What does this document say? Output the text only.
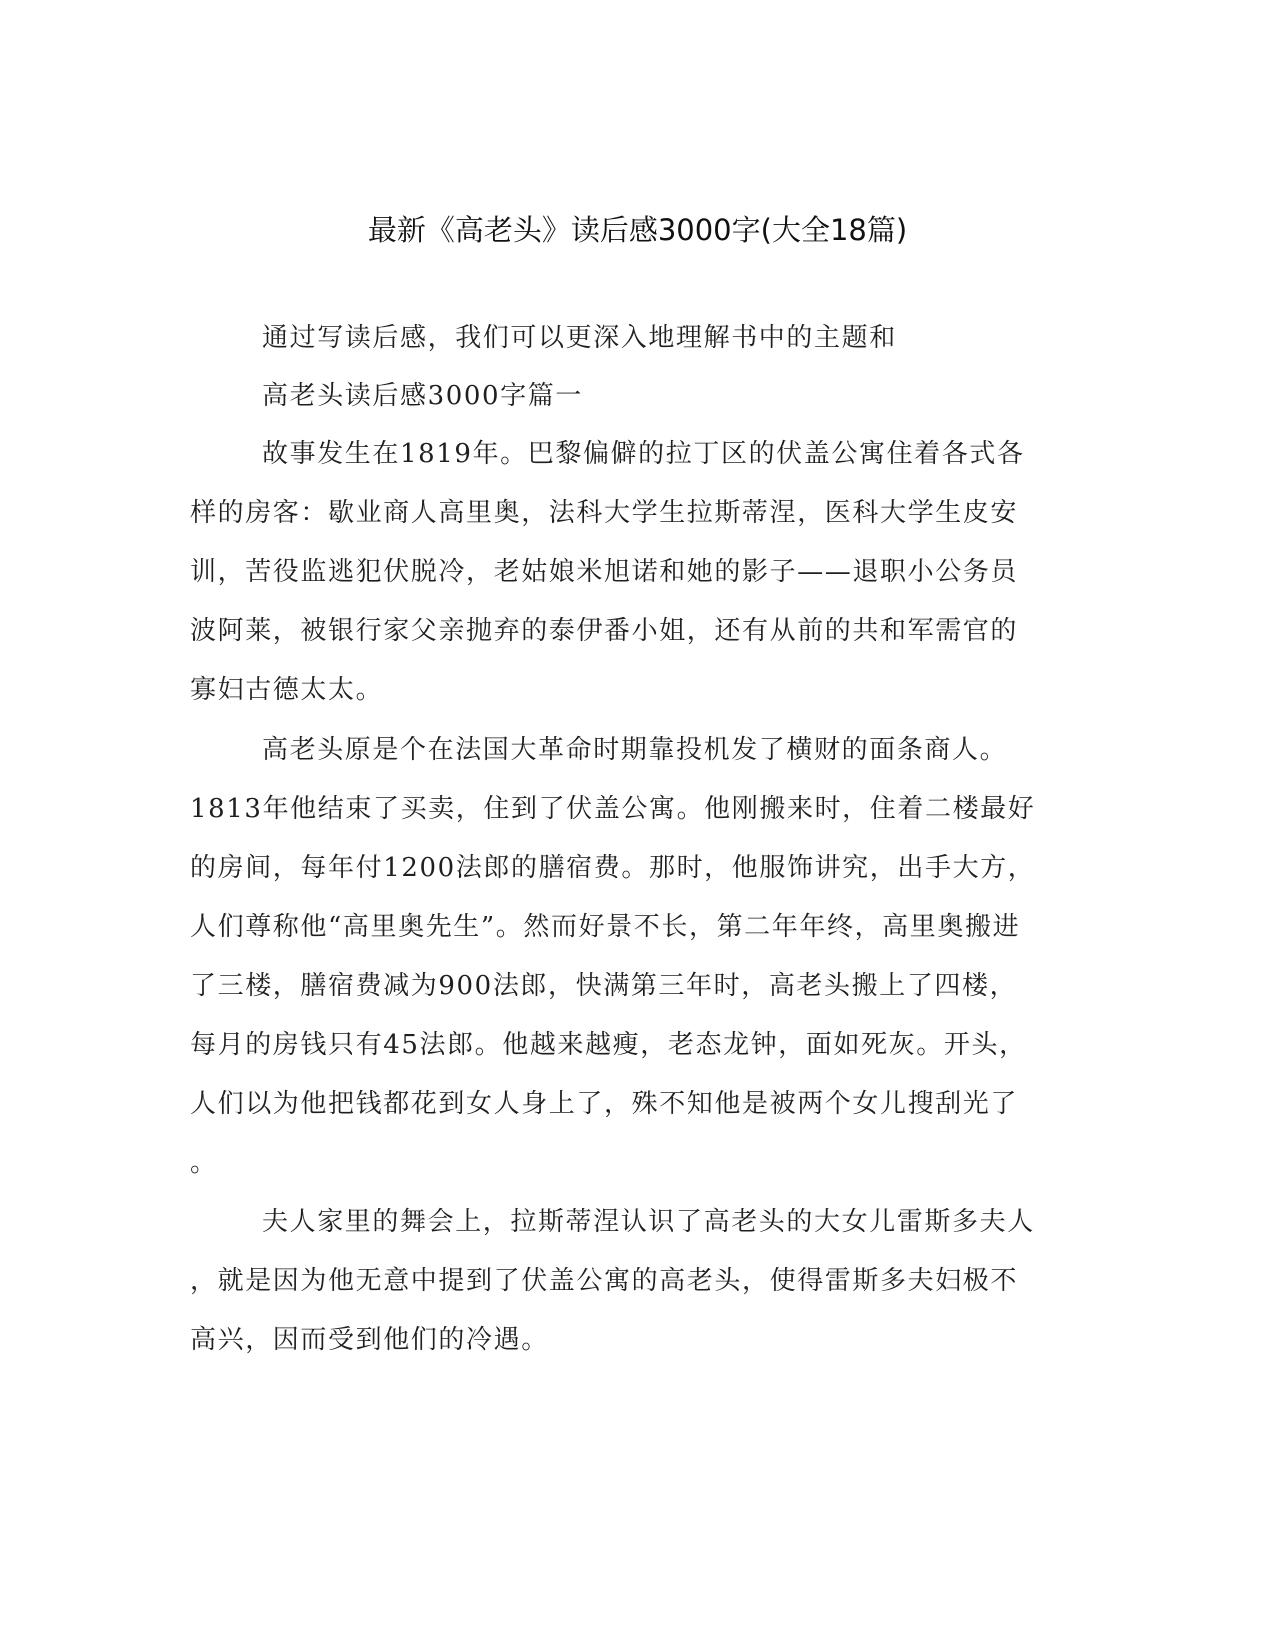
最新《高老头》读后感3000字(大全18篇)

通过写读后感，我们可以更深入地理解书中的主题和

高老头读后感3000字篇一

故事发生在1819年。巴黎偏僻的拉丁区的伏盖公寓住着各式各

样的房客：歇业商人高里奥，法科大学生拉斯蒂涅，医科大学生皮安

训，苦役监逃犯伏脱冷，老姑娘米旭诺和她的影子——退职小公务员

波阿莱，被银行家父亲抛弃的泰伊番小姐，还有从前的共和军需官的

寡妇古德太太。

高老头原是个在法国大革命时期靠投机发了横财的面条商人。

1813年他结束了买卖，住到了伏盖公寓。他刚搬来时，住着二楼最好

的房间，每年付1200法郎的膳宿费。那时，他服饰讲究，出手大方，

人们尊称他“高里奥先生”。然而好景不长，第二年年终，高里奥搬进

了三楼，膳宿费减为900法郎，快满第三年时，高老头搬上了四楼，

每月的房钱只有45法郎。他越来越瘦，老态龙钟，面如死灰。开头，

人们以为他把钱都花到女人身上了，殊不知他是被两个女儿搜刮光了

。

夫人家里的舞会上，拉斯蒂涅认识了高老头的大女儿雷斯多夫人

，就是因为他无意中提到了伏盖公寓的高老头，使得雷斯多夫妇极不

高兴，因而受到他们的冷遇。
